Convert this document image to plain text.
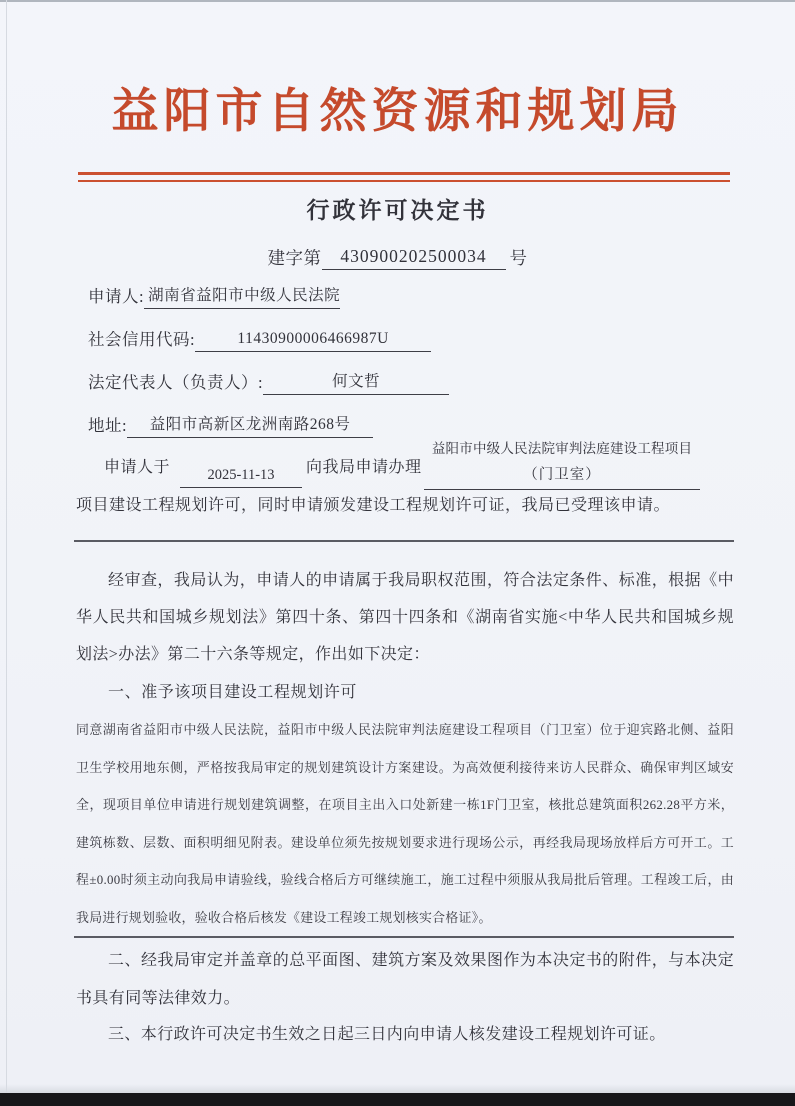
益阳市自然资源和规划局
行政许可决定书
建字第	430900202500034	号
申请人: 湖南省益阳市中级人民法院
社会信用代码:	11430900006466987U
法定代表人（负责人）:	何文哲
地址:	益阳市高新区龙洲南路268号
申请人于	2025-11-13	向我局申请办理
益阳市中级人民法院审判法庭建设工程项目
（门卫室）
项目建设工程规划许可，同时申请颁发建设工程规划许可证，我局已受理该申请。
经审查，我局认为，申请人的申请属于我局职权范围，符合法定条件、标准，根据《中华人民共和国城乡规划法》第四十条、第四十四条和《湖南省实施<中华人民共和国城乡规划法>办法》第二十六条等规定，作出如下决定：
一、准予该项目建设工程规划许可
同意湖南省益阳市中级人民法院，益阳市中级人民法院审判法庭建设工程项目（门卫室）位于迎宾路北侧、益阳卫生学校用地东侧，严格按我局审定的规划建筑设计方案建设。为高效便利接待来访人民群众、确保审判区域安全，现项目单位申请进行规划建筑调整，在项目主出入口处新建一栋1F门卫室，核批总建筑面积262.28平方米，建筑栋数、层数、面积明细见附表。建设单位须先按规划要求进行现场公示，再经我局现场放样后方可开工。工程±0.00时须主动向我局申请验线，验线合格后方可继续施工，施工过程中须服从我局批后管理。工程竣工后，由我局进行规划验收，验收合格后核发《建设工程竣工规划核实合格证》。
二、经我局审定并盖章的总平面图、建筑方案及效果图作为本决定书的附件，与本决定书具有同等法律效力。
三、本行政许可决定书生效之日起三日内向申请人核发建设工程规划许可证。
